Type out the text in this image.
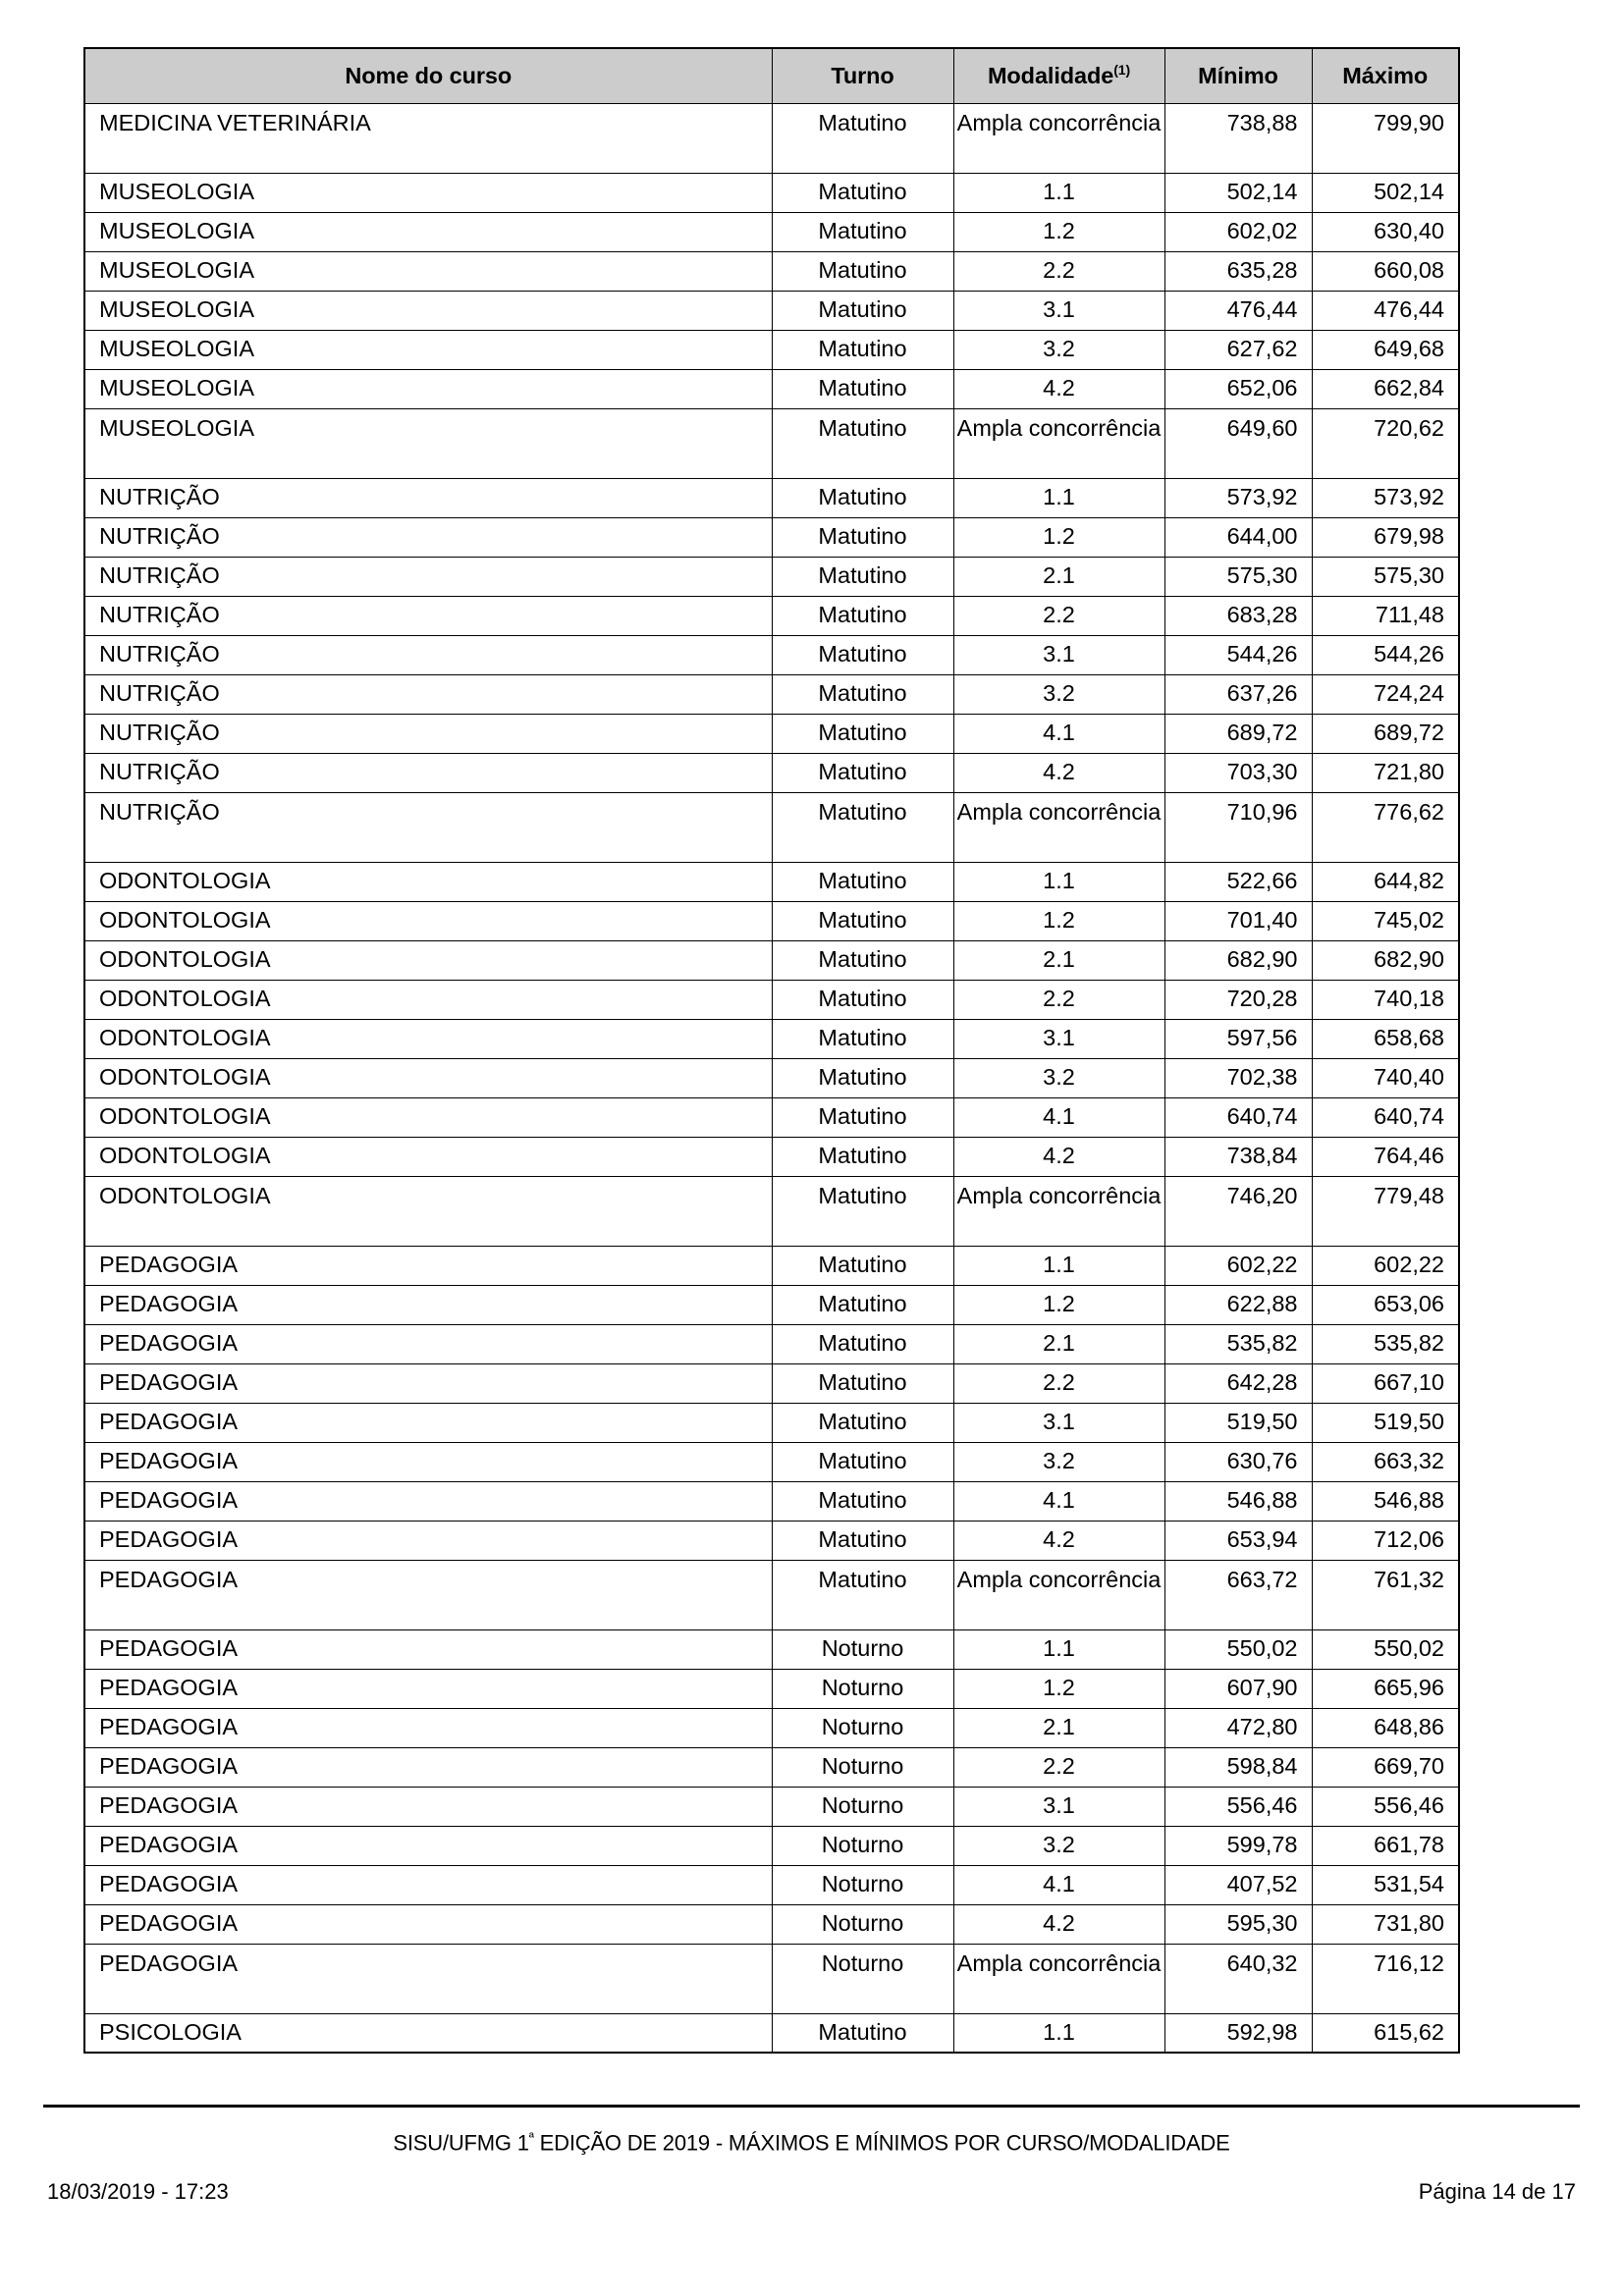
Nome do curso	Turno	Modalidade$^{(1)}$	Mínimo	Máximo
MEDICINA VETERINÁRIA	Matutino	Ampla concorrência	738,88	799,90
MUSEOLOGIA	Matutino	1.1	502,14	502,14
MUSEOLOGIA	Matutino	1.2	602,02	630,40
MUSEOLOGIA	Matutino	2.2	635,28	660,08
MUSEOLOGIA	Matutino	3.1	476,44	476,44
MUSEOLOGIA	Matutino	3.2	627,62	649,68
MUSEOLOGIA	Matutino	4.2	652,06	662,84
MUSEOLOGIA	Matutino	Ampla concorrência	649,60	720,62
NUTRIÇÃO	Matutino	1.1	573,92	573,92
NUTRIÇÃO	Matutino	1.2	644,00	679,98
NUTRIÇÃO	Matutino	2.1	575,30	575,30
NUTRIÇÃO	Matutino	2.2	683,28	711,48
NUTRIÇÃO	Matutino	3.1	544,26	544,26
NUTRIÇÃO	Matutino	3.2	637,26	724,24
NUTRIÇÃO	Matutino	4.1	689,72	689,72
NUTRIÇÃO	Matutino	4.2	703,30	721,80
NUTRIÇÃO	Matutino	Ampla concorrência	710,96	776,62
ODONTOLOGIA	Matutino	1.1	522,66	644,82
ODONTOLOGIA	Matutino	1.2	701,40	745,02
ODONTOLOGIA	Matutino	2.1	682,90	682,90
ODONTOLOGIA	Matutino	2.2	720,28	740,18
ODONTOLOGIA	Matutino	3.1	597,56	658,68
ODONTOLOGIA	Matutino	3.2	702,38	740,40
ODONTOLOGIA	Matutino	4.1	640,74	640,74
ODONTOLOGIA	Matutino	4.2	738,84	764,46
ODONTOLOGIA	Matutino	Ampla concorrência	746,20	779,48
PEDAGOGIA	Matutino	1.1	602,22	602,22
PEDAGOGIA	Matutino	1.2	622,88	653,06
PEDAGOGIA	Matutino	2.1	535,82	535,82
PEDAGOGIA	Matutino	2.2	642,28	667,10
PEDAGOGIA	Matutino	3.1	519,50	519,50
PEDAGOGIA	Matutino	3.2	630,76	663,32
PEDAGOGIA	Matutino	4.1	546,88	546,88
PEDAGOGIA	Matutino	4.2	653,94	712,06
PEDAGOGIA	Matutino	Ampla concorrência	663,72	761,32
PEDAGOGIA	Noturno	1.1	550,02	550,02
PEDAGOGIA	Noturno	1.2	607,90	665,96
PEDAGOGIA	Noturno	2.1	472,80	648,86
PEDAGOGIA	Noturno	2.2	598,84	669,70
PEDAGOGIA	Noturno	3.1	556,46	556,46
PEDAGOGIA	Noturno	3.2	599,78	661,78
PEDAGOGIA	Noturno	4.1	407,52	531,54
PEDAGOGIA	Noturno	4.2	595,30	731,80
PEDAGOGIA	Noturno	Ampla concorrência	640,32	716,12
PSICOLOGIA	Matutino	1.1	592,98	615,62
SISU/UFMG $1^ª$ EDIÇÃO DE 2019 - MÁXIMOS E MÍNIMOS POR CURSO/MODALIDADE
18/03/2019 - 17:23	Página 14 de 17
